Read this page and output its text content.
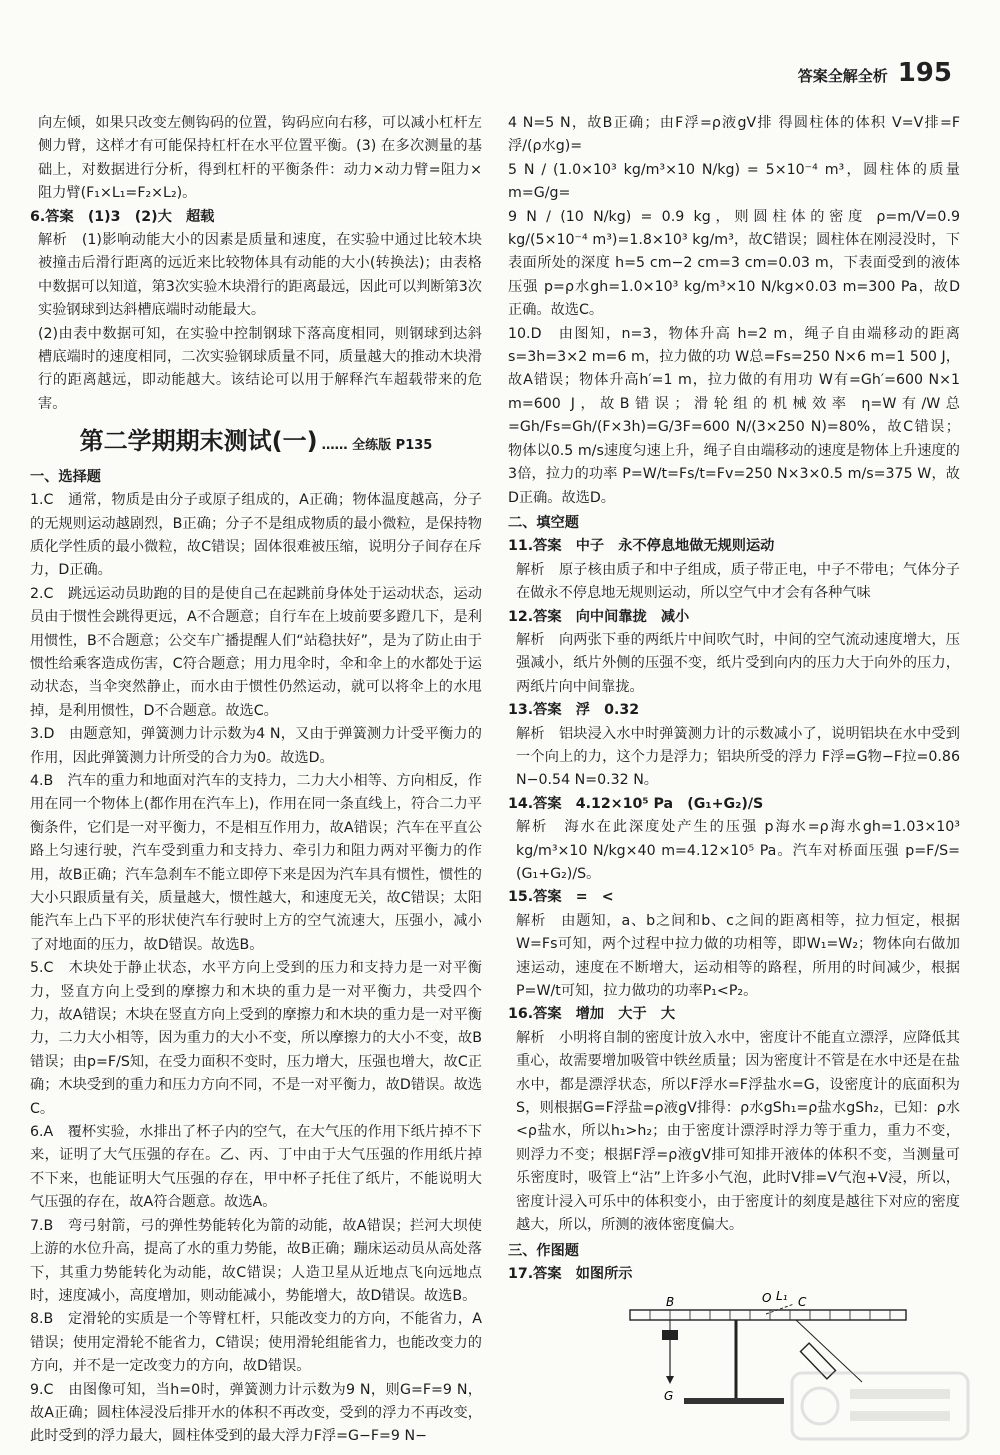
答案全解全析 195

向左倾，如果只改变左侧钩码的位置，钩码应向右移，可以减小杠杆左侧力臂，这样才有可能保持杠杆在水平位置平衡。(3) 在多次测量的基础上，对数据进行分析，得到杠杆的平衡条件：动力×动力臂=阻力×阻力臂(F₁×L₁=F₂×L₂)。

6.答案　(1)3　(2)大　超载

解析　(1)影响动能大小的因素是质量和速度，在实验中通过比较木块被撞击后滑行距离的远近来比较物体具有动能的大小(转换法)；由表格中数据可以知道，第3次实验木块滑行的距离最远，因此可以判断第3次实验钢球到达斜槽底端时动能最大。

(2)由表中数据可知，在实验中控制钢球下落高度相同，则钢球到达斜槽底端时的速度相同，二次实验钢球质量不同，质量越大的推动木块滑行的距离越远，即动能越大。该结论可以用于解释汽车超载带来的危害。

第二学期期末测试(一) …… 全练版 P135

一、选择题

1.C　通常，物质是由分子或原子组成的，A正确；物体温度越高，分子的无规则运动越剧烈，B正确；分子不是组成物质的最小微粒，是保持物质化学性质的最小微粒，故C错误；固体很难被压缩，说明分子间存在斥力，D正确。

2.C　跳远运动员助跑的目的是使自己在起跳前身体处于运动状态，运动员由于惯性会跳得更远，A不合题意；自行车在上坡前要多蹬几下，是利用惯性，B不合题意；公交车广播提醒人们“站稳扶好”，是为了防止由于惯性给乘客造成伤害，C符合题意；用力甩伞时，伞和伞上的水都处于运动状态，当伞突然静止，而水由于惯性仍然运动，就可以将伞上的水甩掉，是利用惯性，D不合题意。故选C。

3.D　由题意知，弹簧测力计示数为4 N，又由于弹簧测力计受平衡力的作用，因此弹簧测力计所受的合力为0。故选D。

4.B　汽车的重力和地面对汽车的支持力，二力大小相等、方向相反，作用在同一个物体上(都作用在汽车上)，作用在同一条直线上，符合二力平衡条件，它们是一对平衡力，不是相互作用力，故A错误；汽车在平直公路上匀速行驶，汽车受到重力和支持力、牵引力和阻力两对平衡力的作用，故B正确；汽车急刹车不能立即停下来是因为汽车具有惯性，惯性的大小只跟质量有关，质量越大，惯性越大，和速度无关，故C错误；太阳能汽车上凸下平的形状使汽车行驶时上方的空气流速大，压强小，减小了对地面的压力，故D错误。故选B。

5.C　木块处于静止状态，水平方向上受到的压力和支持力是一对平衡力，竖直方向上受到的摩擦力和木块的重力是一对平衡力，共受四个力，故A错误；木块在竖直方向上受到的摩擦力和木块的重力是一对平衡力，二力大小相等，因为重力的大小不变，所以摩擦力的大小不变，故B错误；由p=F/S知，在受力面积不变时，压力增大，压强也增大，故C正确；木块受到的重力和压力方向不同，不是一对平衡力，故D错误。故选C。

6.A　覆杯实验，水排出了杯子内的空气，在大气压的作用下纸片掉不下来，证明了大气压强的存在。乙、丙、丁中由于大气压强的作用纸片掉不下来，也能证明大气压强的存在，甲中杯子托住了纸片，不能说明大气压强的存在，故A符合题意。故选A。

7.B　弯弓射箭，弓的弹性势能转化为箭的动能，故A错误；拦河大坝使上游的水位升高，提高了水的重力势能，故B正确；蹦床运动员从高处落下，其重力势能转化为动能，故C错误；人造卫星从近地点飞向远地点时，速度减小，高度增加，则动能减小，势能增大，故D错误。故选B。

8.B　定滑轮的实质是一个等臂杠杆，只能改变力的方向，不能省力，A错误；使用定滑轮不能省力，C错误；使用滑轮组能省力，也能改变力的方向，并不是一定改变力的方向，故D错误。

9.C　由图像可知，当h=0时，弹簧测力计示数为9 N，则G=F=9 N，故A正确；圆柱体浸没后排开水的体积不再改变，受到的浮力不再改变，此时受到的浮力最大，圆柱体受到的最大浮力F浮=G−F=9 N−

4 N=5 N，故B正确；由F浮=ρ液gV排 得圆柱体的体积 V=V排=F浮/(ρ水g)=

5 N / (1.0×10³ kg/m³×10 N/kg) = 5×10⁻⁴ m³，圆柱体的质量 m=G/g=

9 N / (10 N/kg) = 0.9 kg，则圆柱体的密度 ρ=m/V=0.9 kg/(5×10⁻⁴ m³)=1.8×10³ kg/m³，故C错误；圆柱体在刚浸没时，下表面所处的深度 h=5 cm−2 cm=3 cm=0.03 m，下表面受到的液体压强 p=ρ水gh=1.0×10³ kg/m³×10 N/kg×0.03 m=300 Pa，故D正确。故选C。

10.D　由图知，n=3，物体升高 h=2 m，绳子自由端移动的距离 s=3h=3×2 m=6 m，拉力做的功 W总=Fs=250 N×6 m=1 500 J，故A错误；物体升高h′=1 m，拉力做的有用功 W有=Gh′=600 N×1 m=600 J，故B错误；滑轮组的机械效率 η=W有/W总=Gh/Fs=Gh/(F×3h)=G/3F=600 N/(3×250 N)=80%，故C错误；物体以0.5 m/s速度匀速上升，绳子自由端移动的速度是物体上升速度的3倍，拉力的功率 P=W/t=Fs/t=Fv=250 N×3×0.5 m/s=375 W，故D正确。故选D。

二、填空题

11.答案　中子　永不停息地做无规则运动

解析　原子核由质子和中子组成，质子带正电，中子不带电；气体分子在做永不停息地无规则运动，所以空气中才会有各种气味

12.答案　向中间靠拢　减小

解析　向两张下垂的两纸片中间吹气时，中间的空气流动速度增大，压强减小，纸片外侧的压强不变，纸片受到向内的压力大于向外的压力，两纸片向中间靠拢。

13.答案　浮　0.32

解析　铝块浸入水中时弹簧测力计的示数减小了，说明铝块在水中受到一个向上的力，这个力是浮力；铝块所受的浮力 F浮=G物−F拉=0.86 N−0.54 N=0.32 N。

14.答案　4.12×10⁵ Pa　(G₁+G₂)/S

解析　海水在此深度处产生的压强 p海水=ρ海水gh=1.03×10³ kg/m³×10 N/kg×40 m=4.12×10⁵ Pa。汽车对桥面压强 p=F/S=(G₁+G₂)/S。

15.答案　=　<

解析　由题知，a、b之间和b、c之间的距离相等，拉力恒定，根据W=Fs可知，两个过程中拉力做的功相等，即W₁=W₂；物体向右做加速运动，速度在不断增大，运动相等的路程，所用的时间减少，根据P=W/t可知，拉力做功的功率P₁<P₂。

16.答案　增加　大于　大

解析　小明将自制的密度计放入水中，密度计不能直立漂浮，应降低其重心，故需要增加吸管中铁丝质量；因为密度计不管是在水中还是在盐水中，都是漂浮状态，所以F浮水=F浮盐水=G，设密度计的底面积为S，则根据G=F浮盐=ρ液gV排得：ρ水gSh₁=ρ盐水gSh₂，已知：ρ水<ρ盐水，所以h₁>h₂；由于密度计漂浮时浮力等于重力，重力不变，则浮力不变；根据F浮=ρ液gV排可知排开液体的体积不变，当测量可乐密度时，吸管上“沾”上许多小气泡，此时V排=V气泡+V浸，所以，密度计浸入可乐中的体积变小，由于密度计的刻度是越往下对应的密度越大，所以，所测的液体密度偏大。

三、作图题

17.答案　如图所示

B	O L₁ C
G
